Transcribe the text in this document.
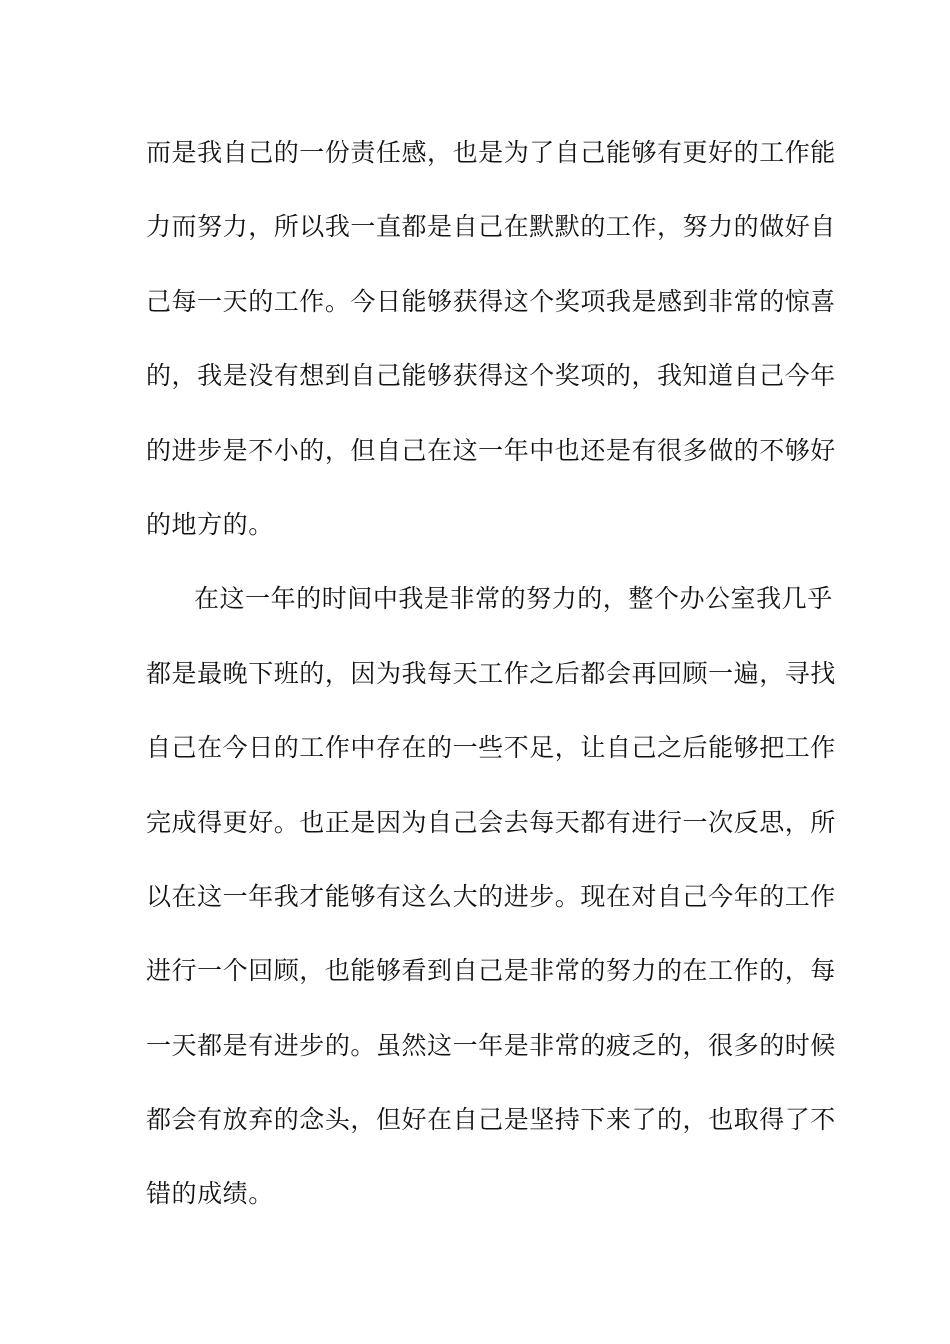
而是我自己的一份责任感，也是为了自己能够有更好的工作能
力而努力，所以我一直都是自己在默默的工作，努力的做好自
己每一天的工作。今日能够获得这个奖项我是感到非常的惊喜
的，我是没有想到自己能够获得这个奖项的，我知道自己今年
的进步是不小的，但自己在这一年中也还是有很多做的不够好
的地方的。
在这一年的时间中我是非常的努力的，整个办公室我几乎
都是最晚下班的，因为我每天工作之后都会再回顾一遍，寻找
自己在今日的工作中存在的一些不足，让自己之后能够把工作
完成得更好。也正是因为自己会去每天都有进行一次反思，所
以在这一年我才能够有这么大的进步。现在对自己今年的工作
进行一个回顾，也能够看到自己是非常的努力的在工作的，每
一天都是有进步的。虽然这一年是非常的疲乏的，很多的时候
都会有放弃的念头，但好在自己是坚持下来了的，也取得了不
错的成绩。
